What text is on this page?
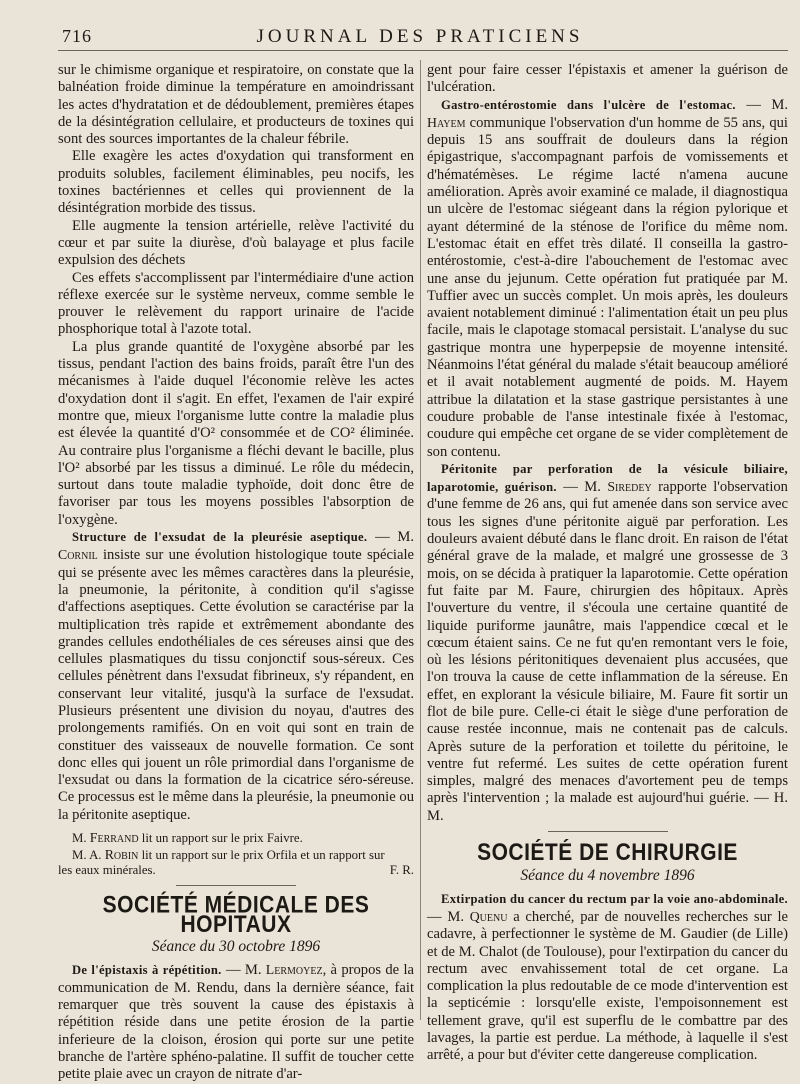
716	JOURNAL DES PRATICIENS

sur le chimisme organique et respiratoire, on constate que la balnéation froide diminue la température en amoindrissant les actes d'hydratation et de dédoublement, premières étapes de la désintégration cellulaire, et producteurs de toxines qui sont des sources importantes de la chaleur fébrile.

Elle exagère les actes d'oxydation qui transforment en produits solubles, facilement éliminables, peu nocifs, les toxines bactériennes et celles qui proviennent de la désintégration morbide des tissus.

Elle augmente la tension artérielle, relève l'activité du cœur et par suite la diurèse, d'où balayage et plus facile expulsion des déchets

Ces effets s'accomplissent par l'intermédiaire d'une action réflexe exercée sur le système nerveux, comme semble le prouver le relèvement du rapport urinaire de l'acide phosphorique total à l'azote total.

La plus grande quantité de l'oxygène absorbé par les tissus, pendant l'action des bains froids, paraît être l'un des mécanismes à l'aide duquel l'économie relève les actes d'oxydation dont il s'agit. En effet, l'examen de l'air expiré montre que, mieux l'organisme lutte contre la maladie plus est élevée la quantité d'O² consommée et de CO² éliminée. Au contraire plus l'organisme a fléchi devant le bacille, plus l'O² absorbé par les tissus a diminué. Le rôle du médecin, surtout dans toute maladie typhoïde, doit donc être de favoriser par tous les moyens possibles l'absorption de l'oxygène.

Structure de l'exsudat de la pleurésie aseptique. — M. Cornil insiste sur une évolution histologique toute spéciale qui se présente avec les mêmes caractères dans la pleurésie, la pneumonie, la péritonite, à condition qu'il s'agisse d'affections aseptiques. Cette évolution se caractérise par la multiplication très rapide et extrêmement abondante des grandes cellules endothéliales de ces séreuses ainsi que des cellules plasmatiques du tissu conjonctif sous-séreux. Ces cellules pénètrent dans l'exsudat fibrineux, s'y répandent, en conservant leur vitalité, jusqu'à la surface de l'exsudat. Plusieurs présentent une division du noyau, d'autres des prolongements ramifiés. On en voit qui sont en train de constituer des vaisseaux de nouvelle formation. Ce sont donc elles qui jouent un rôle primordial dans l'organisme de l'exsudat ou dans la formation de la cicatrice séro-séreuse. Ce processus est le même dans la pleurésie, la pneumonie ou la péritonite aseptique.

M. Ferrand lit un rapport sur le prix Faivre.

M. A. Robin lit un rapport sur le prix Orfila et un rapport sur

les eaux minérales.	F. R.
SOCIÉTÉ MÉDICALE DES HOPITAUX
Séance du 30 octobre 1896

De l'épistaxis à répétition. — M. Lermoyez, à propos de la communication de M. Rendu, dans la dernière séance, fait remarquer que très souvent la cause des épistaxis à répétition réside dans une petite érosion de la partie inferieure de la cloison, érosion qui porte sur une petite branche de l'artère sphéno-palatine. Il suffit de toucher cette petite plaie avec un crayon de nitrate d'ar-

gent pour faire cesser l'épistaxis et amener la guérison de l'ulcération.

Gastro-entérostomie dans l'ulcère de l'estomac. — M. Hayem communique l'observation d'un homme de 55 ans, qui depuis 15 ans souffrait de douleurs dans la région épigastrique, s'accompagnant parfois de vomissements et d'hématémèses. Le régime lacté n'amena aucune amélioration. Après avoir examiné ce malade, il diagnostiqua un ulcère de l'estomac siégeant dans la région pylorique et ayant déterminé de la sténose de l'orifice du même nom. L'estomac était en effet très dilaté. Il conseilla la gastro-entérostomie, c'est-à-dire l'abouchement de l'estomac avec une anse du jejunum. Cette opération fut pratiquée par M. Tuffier avec un succès complet. Un mois après, les douleurs avaient notablement diminué : l'alimentation était un peu plus facile, mais le clapotage stomacal persistait. L'analyse du suc gastrique montra une hyperpepsie de moyenne intensité. Néanmoins l'état général du malade s'était beaucoup amélioré et il avait notablement augmenté de poids. M. Hayem attribue la dilatation et la stase gastrique persistantes à une coudure probable de l'anse intestinale fixée à l'estomac, coudure qui empêche cet organe de se vider complètement de son contenu.

Péritonite par perforation de la vésicule biliaire, laparotomie, guérison. — M. Siredey rapporte l'observation d'une femme de 26 ans, qui fut amenée dans son service avec tous les signes d'une péritonite aiguë par perforation. Les douleurs avaient débuté dans le flanc droit. En raison de l'état général grave de la malade, et malgré une grossesse de 3 mois, on se décida à pratiquer la laparotomie. Cette opération fut faite par M. Faure, chirurgien des hôpitaux. Après l'ouverture du ventre, il s'écoula une certaine quantité de liquide puriforme jaunâtre, mais l'appendice cœcal et le cœcum étaient sains. Ce ne fut qu'en remontant vers le foie, où les lésions péritonitiques devenaient plus accusées, que l'on trouva la cause de cette inflammation de la séreuse. En effet, en explorant la vésicule biliaire, M. Faure fit sortir un flot de bile pure. Celle-ci était le siège d'une perforation de cause restée inconnue, mais ne contenait pas de calculs. Après suture de la perforation et toilette du péritoine, le ventre fut refermé. Les suites de cette opération furent simples, malgré des menaces d'avortement peu de temps après l'intervention ; la malade est aujourd'hui guérie. — H. M.

SOCIÉTÉ DE CHIRURGIE
Séance du 4 novembre 1896

Extirpation du cancer du rectum par la voie ano-abdominale. — M. Quenu a cherché, par de nouvelles recherches sur le cadavre, à perfectionner le système de M. Gaudier (de Lille) et de M. Chalot (de Toulouse), pour l'extirpation du cancer du rectum avec envahissement total de cet organe. La complication la plus redoutable de ce mode d'intervention est la septicémie : lorsqu'elle existe, l'empoisonnement est tellement grave, qu'il est superflu de le combattre par des lavages, la partie est perdue. La méthode, à laquelle il s'est arrêté, a pour but d'éviter cette dangereuse complication.
